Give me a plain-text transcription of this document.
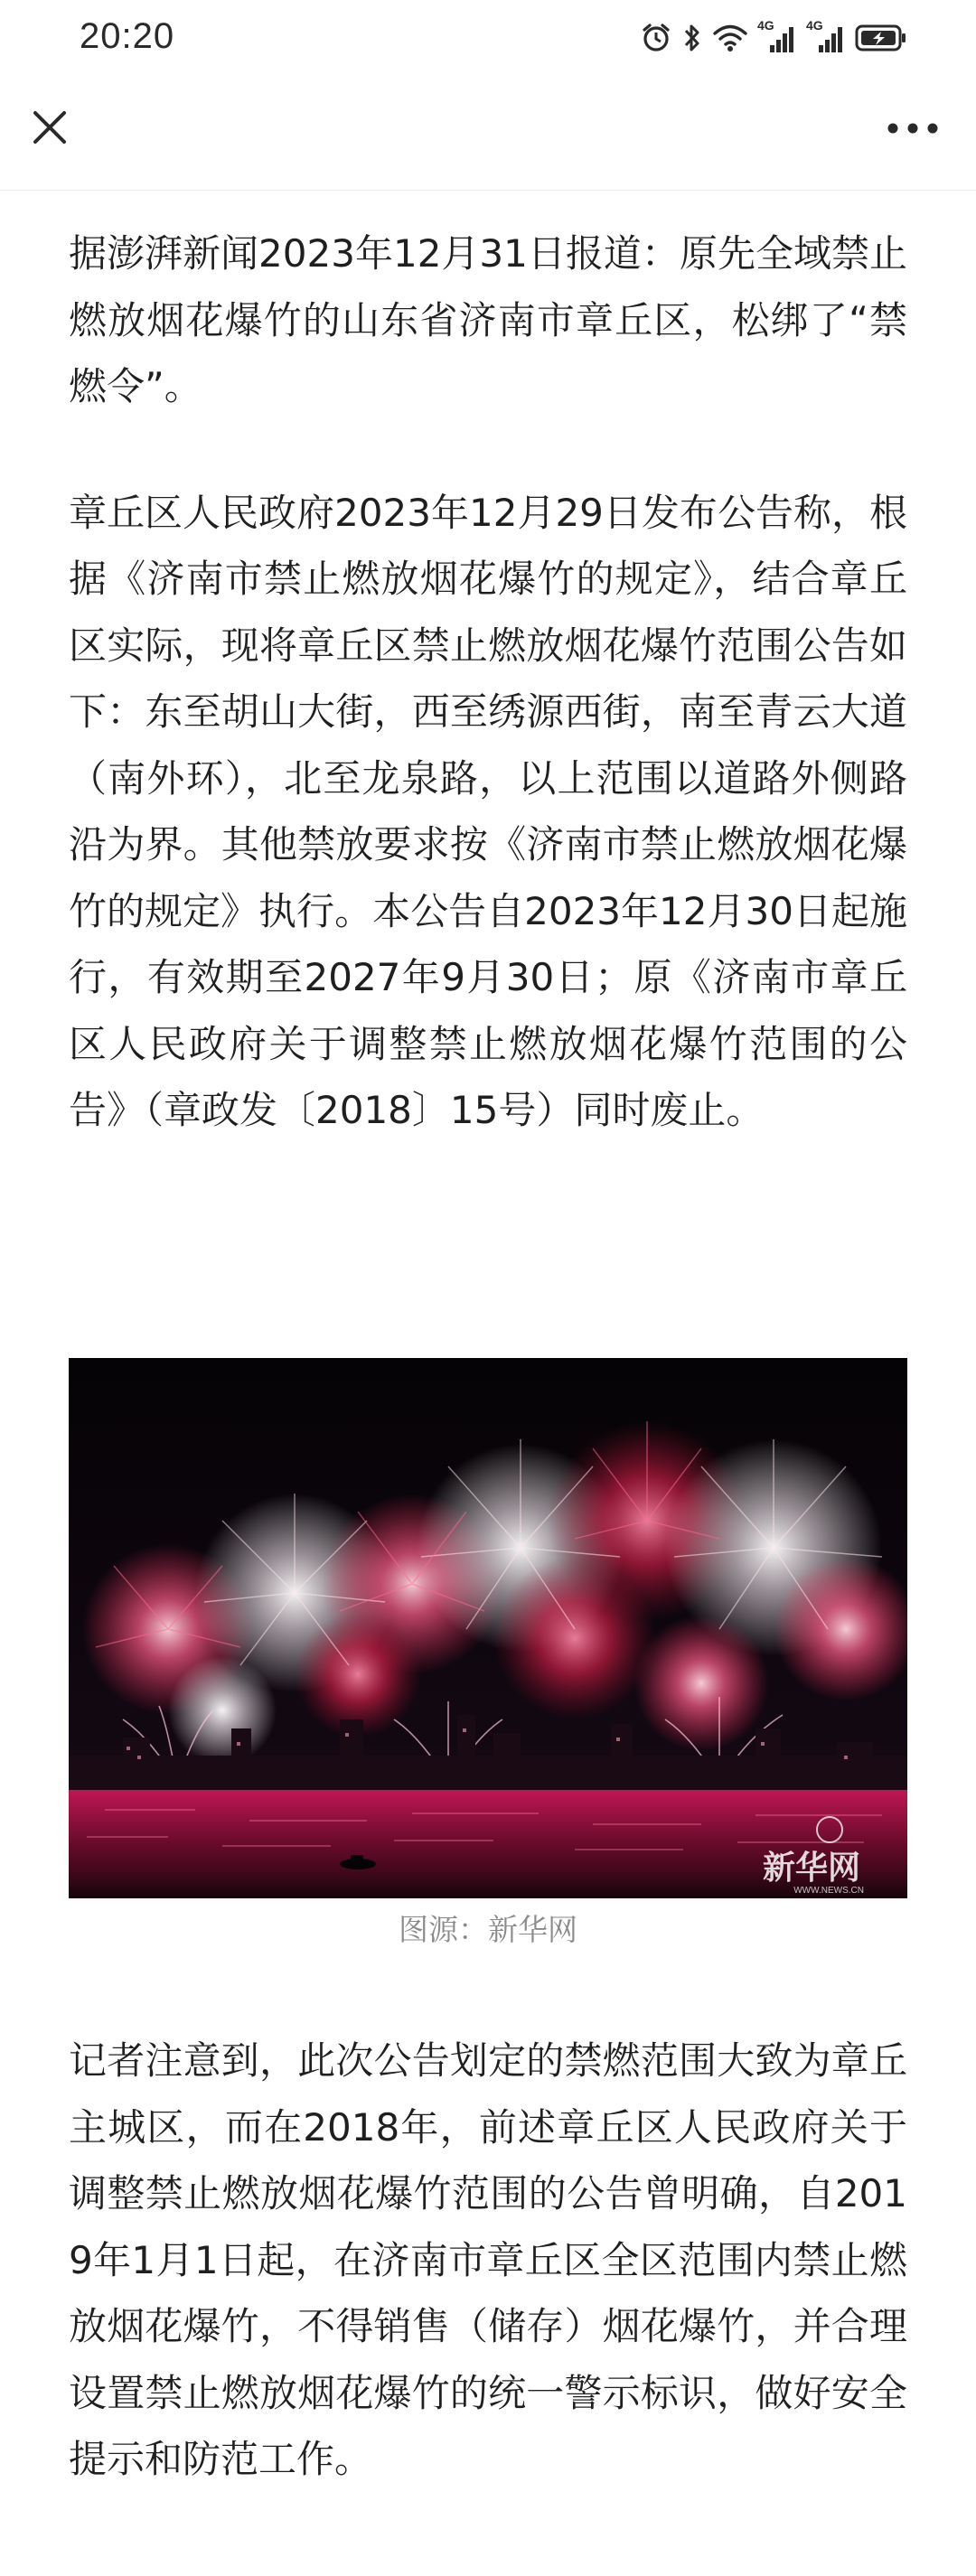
20:20	4G	4G

据澎湃新闻2023年12月31日报道：原先全域禁止燃放烟花爆竹的山东省济南市章丘区，松绑了“禁燃令”。

章丘区人民政府2023年12月29日发布公告称，根据《济南市禁止燃放烟花爆竹的规定》，结合章丘区实际，现将章丘区禁止燃放烟花爆竹范围公告如下：东至胡山大街，西至绣源西街，南至青云大道（南外环），北至龙泉路，以上范围以道路外侧路沿为界。其他禁放要求按《济南市禁止燃放烟花爆竹的规定》执行。本公告自2023年12月30日起施行，有效期至2027年9月30日；原《济南市章丘区人民政府关于调整禁止燃放烟花爆竹范围的公告》（章政发〔2018〕15号）同时废止。

新华网
WWW.NEWS.CN
图源：新华网

记者注意到，此次公告划定的禁燃范围大致为章丘主城区，而在2018年，前述章丘区人民政府关于调整禁止燃放烟花爆竹范围的公告曾明确，自2019年1月1日起，在济南市章丘区全区范围内禁止燃放烟花爆竹，不得销售（储存）烟花爆竹，并合理设置禁止燃放烟花爆竹的统一警示标识，做好安全提示和防范工作。
